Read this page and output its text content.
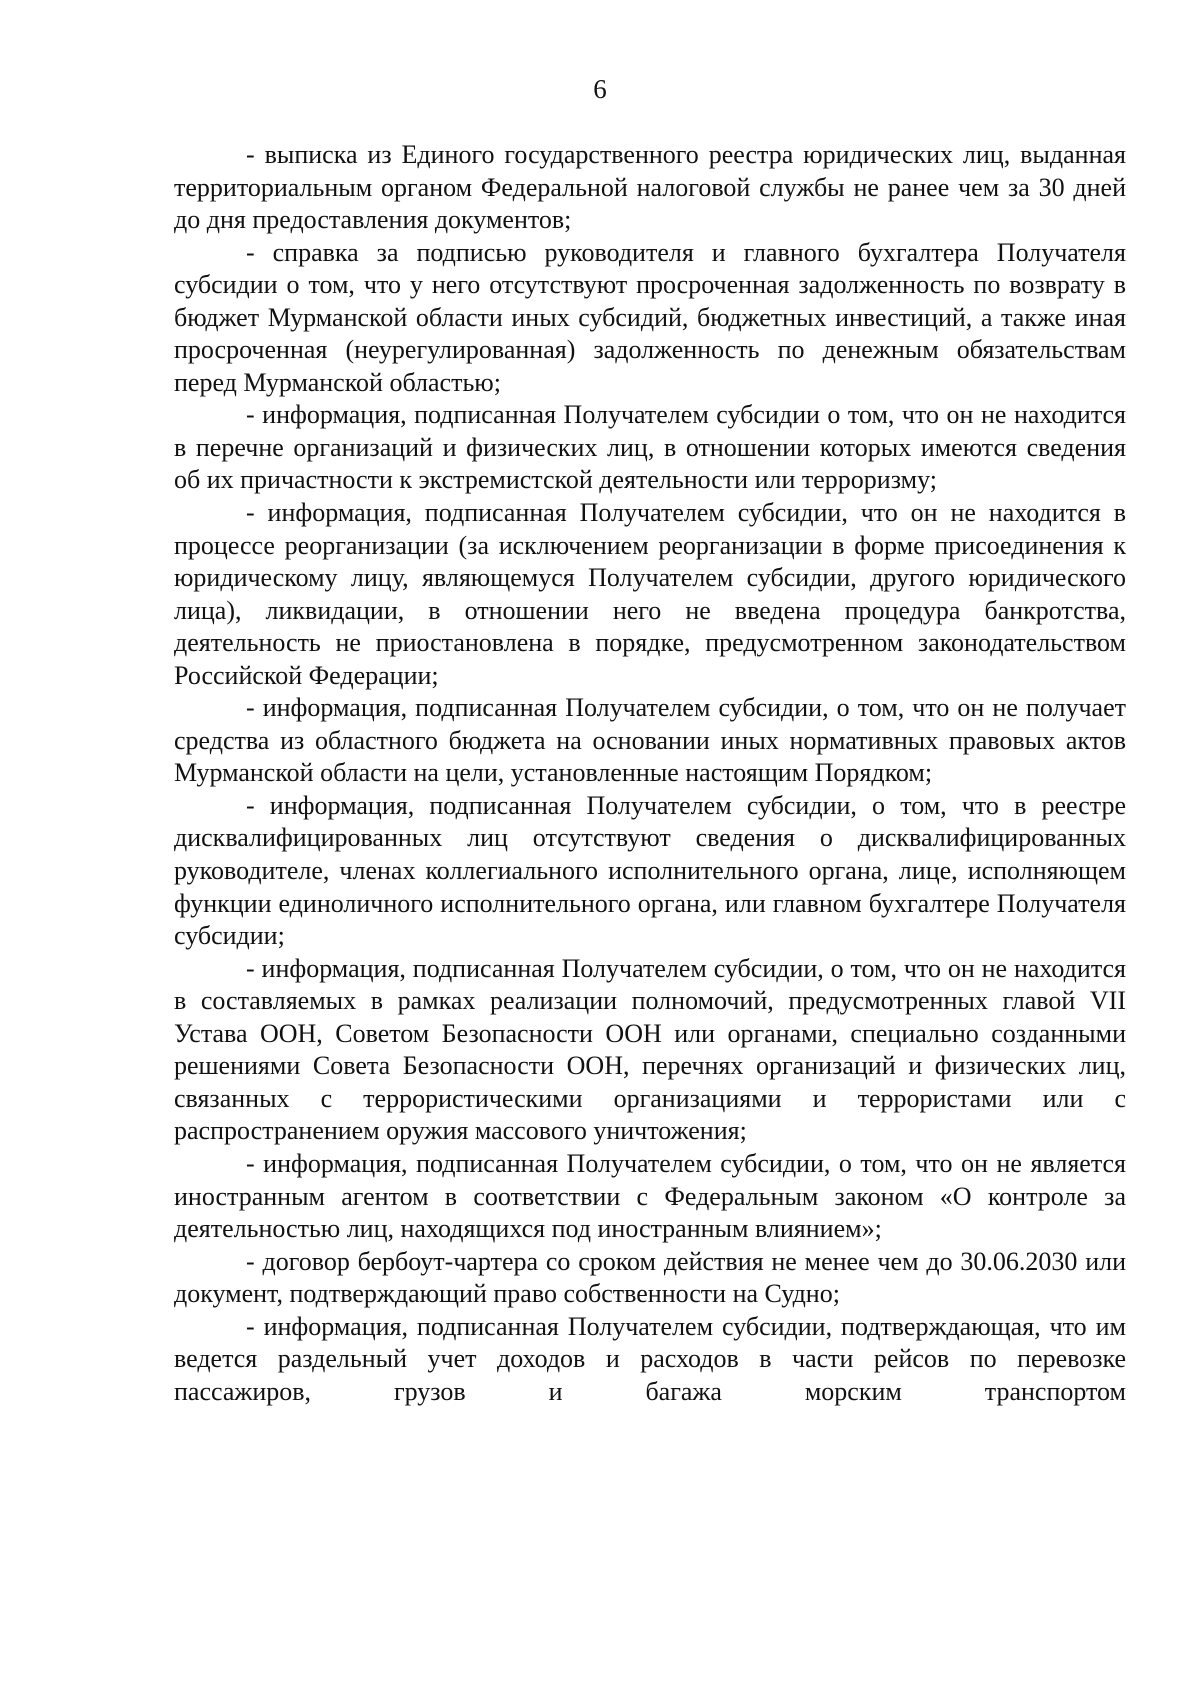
6

- выписка из Единого государственного реестра юридических лиц, выданная территориальным органом Федеральной налоговой службы не ранее чем за 30 дней до дня предоставления документов;

- справка за подписью руководителя и главного бухгалтера Получателя субсидии о том, что у него отсутствуют просроченная задолженность по возврату в бюджет Мурманской области иных субсидий, бюджетных инвестиций, а также иная просроченная (неурегулированная) задолженность по денежным обязательствам перед Мурманской областью;

- информация, подписанная Получателем субсидии о том, что он не находится в перечне организаций и физических лиц, в отношении которых имеются сведения об их причастности к экстремистской деятельности или терроризму;

- информация, подписанная Получателем субсидии, что он не находится в процессе реорганизации (за исключением реорганизации в форме присоединения к юридическому лицу, являющемуся Получателем субсидии, другого юридического лица), ликвидации, в отношении него не введена процедура банкротства, деятельность не приостановлена в порядке, предусмотренном законодательством Российской Федерации;

- информация, подписанная Получателем субсидии, о том, что он не получает средства из областного бюджета на основании иных нормативных правовых актов Мурманской области на цели, установленные настоящим Порядком;

- информация, подписанная Получателем субсидии, о том, что в реестре дисквалифицированных лиц отсутствуют сведения о дисквалифицированных руководителе, членах коллегиального исполнительного органа, лице, исполняющем функции единоличного исполнительного органа, или главном бухгалтере Получателя субсидии;

- информация, подписанная Получателем субсидии, о том, что он не находится в составляемых в рамках реализации полномочий, предусмотренных главой VII Устава ООН, Советом Безопасности ООН или органами, специально созданными решениями Совета Безопасности ООН, перечнях организаций и физических лиц, связанных с террористическими организациями и террористами или с распространением оружия массового уничтожения;

- информация, подписанная Получателем субсидии, о том, что он не является иностранным агентом в соответствии с Федеральным законом «О контроле за деятельностью лиц, находящихся под иностранным влиянием»;

- договор бербоут-чартера со сроком действия не менее чем до 30.06.2030 или документ, подтверждающий право собственности на Судно;

- информация, подписанная Получателем субсидии, подтверждающая, что им ведется раздельный учет доходов и расходов в части рейсов по перевозке пассажиров, грузов и багажа морским транспортом
